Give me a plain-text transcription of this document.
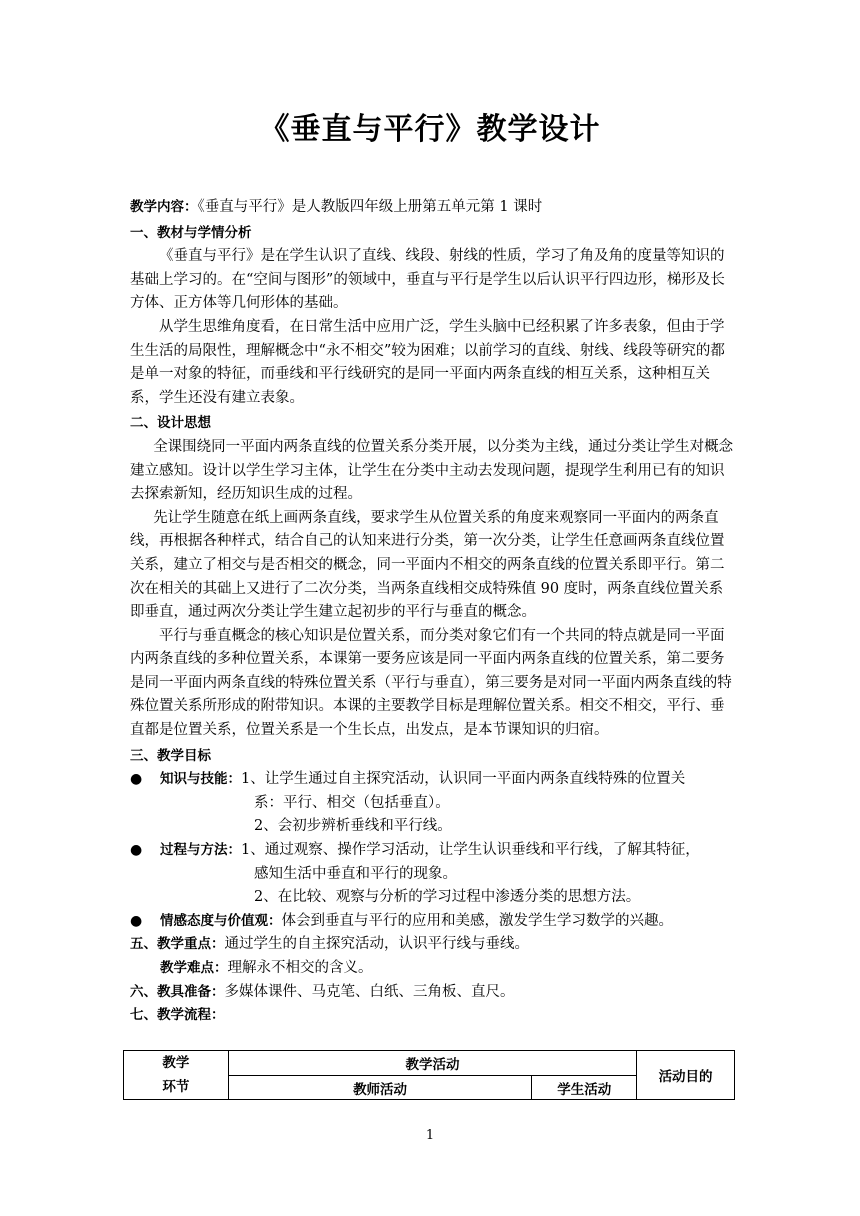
《垂直与平行》教学设计

教学内容：《垂直与平行》是人教版四年级上册第五单元第 1 课时

一、教材与学情分析

《垂直与平行》是在学生认识了直线、线段、射线的性质，学习了角及角的度量等知识的基础上学习的。在“空间与图形”的领域中，垂直与平行是学生以后认识平行四边形，梯形及长方体、正方体等几何形体的基础。

从学生思维角度看，在日常生活中应用广泛，学生头脑中已经积累了许多表象，但由于学生生活的局限性，理解概念中“永不相交”较为困难；以前学习的直线、射线、线段等研究的都是单一对象的特征，而垂线和平行线研究的是同一平面内两条直线的相互关系，这种相互关系，学生还没有建立表象。

二、设计思想

全课围绕同一平面内两条直线的位置关系分类开展，以分类为主线，通过分类让学生对概念建立感知。设计以学生学习主体，让学生在分类中主动去发现问题，提现学生利用已有的知识去探索新知，经历知识生成的过程。

先让学生随意在纸上画两条直线，要求学生从位置关系的角度来观察同一平面内的两条直线，再根据各种样式，结合自己的认知来进行分类，第一次分类，让学生任意画两条直线位置关系，建立了相交与是否相交的概念，同一平面内不相交的两条直线的位置关系即平行。第二次在相关的其础上又进行了二次分类，当两条直线相交成特殊值 90 度时，两条直线位置关系即垂直，通过两次分类让学生建立起初步的平行与垂直的概念。

平行与垂直概念的核心知识是位置关系，而分类对象它们有一个共同的特点就是同一平面内两条直线的多种位置关系，本课第一要务应该是同一平面内两条直线的位置关系，第二要务是同一平面内两条直线的特殊位置关系（平行与垂直），第三要务是对同一平面内两条直线的特殊位置关系所形成的附带知识。本课的主要教学目标是理解位置关系。相交不相交，平行、垂直都是位置关系，位置关系是一个生长点，出发点，是本节课知识的归宿。

三、教学目标

● 知识与技能：1、让学生通过自主探究活动，认识同一平面内两条直线特殊的位置关

系：平行、相交（包括垂直）。

2、会初步辨析垂线和平行线。

● 过程与方法：1、通过观察、操作学习活动，让学生认识垂线和平行线，了解其特征，

感知生活中垂直和平行的现象。

2、在比较、观察与分析的学习过程中渗透分类的思想方法。

● 情感态度与价值观：体会到垂直与平行的应用和美感，激发学生学习数学的兴趣。

五、教学重点：通过学生的自主探究活动，认识平行线与垂线。

教学难点：理解永不相交的含义。

六、教具准备：多媒体课件、马克笔、白纸、三角板、直尺。

七、教学流程：

教学
环节	教学活动		活动目的
	教师活动	学生活动	
1
